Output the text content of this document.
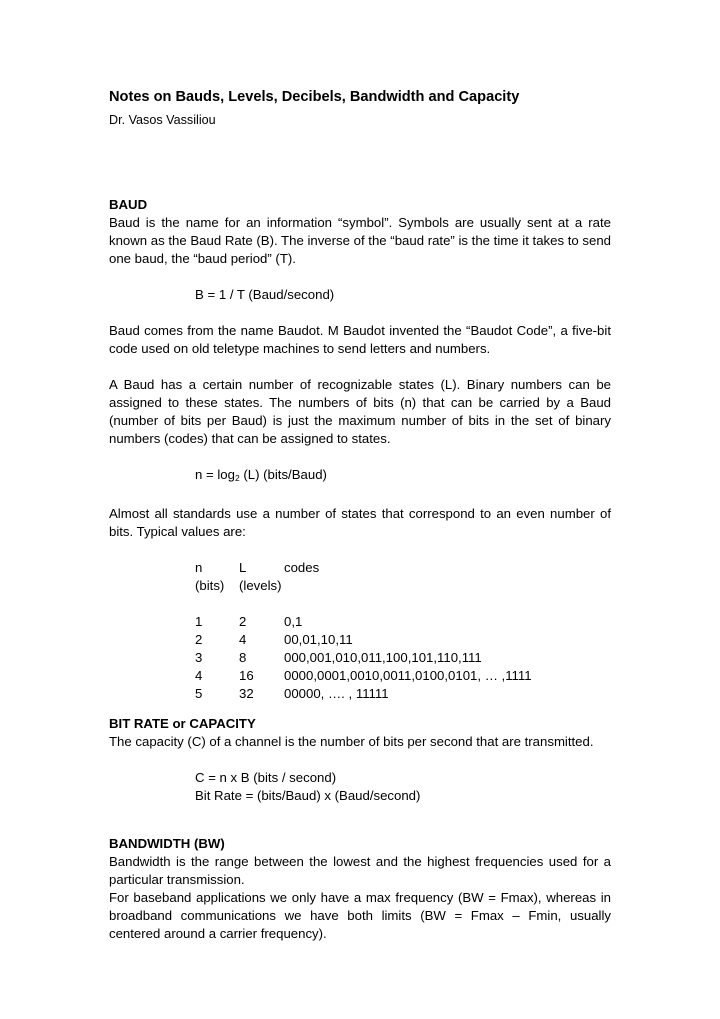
Notes on Bauds, Levels, Decibels, Bandwidth and Capacity
Dr. Vasos Vassiliou
BAUD

Baud is the name for an information “symbol”. Symbols are usually sent at a rate known as the Baud Rate (B). The inverse of the “baud rate” is the time it takes to send one baud, the “baud period” (T).

B = 1 / T (Baud/second)

Baud comes from the name Baudot. M Baudot invented the “Baudot Code”, a five-bit code used on old teletype machines to send letters and numbers.

A Baud has a certain number of recognizable states (L). Binary numbers can be assigned to these states. The numbers of bits (n) that can be carried by a Baud (number of bits per Baud) is just the maximum number of bits in the set of binary numbers (codes) that can be assigned to states.

$n = \log_2 (L)$ (bits/Baud)

Almost all standards use a number of states that correspond to an even number of bits. Typical values are:

n	L	codes
(bits)	(levels)	

1	2	0,1
2	4	00,01,10,11
3	8	000,001,010,011,100,101,110,111
4	16	0000,0001,0010,0011,0100,0101, … ,1111
5	32	00000, …. , 11111
BIT RATE or CAPACITY

The capacity (C) of a channel is the number of bits per second that are transmitted.

C = n x B (bits / second)
Bit Rate = (bits/Baud) x (Baud/second)
BANDWIDTH (BW)

Bandwidth is the range between the lowest and the highest frequencies used for a particular transmission.

For baseband applications we only have a max frequency (BW = Fmax), whereas in broadband communications we have both limits (BW = Fmax – Fmin, usually centered around a carrier frequency).
